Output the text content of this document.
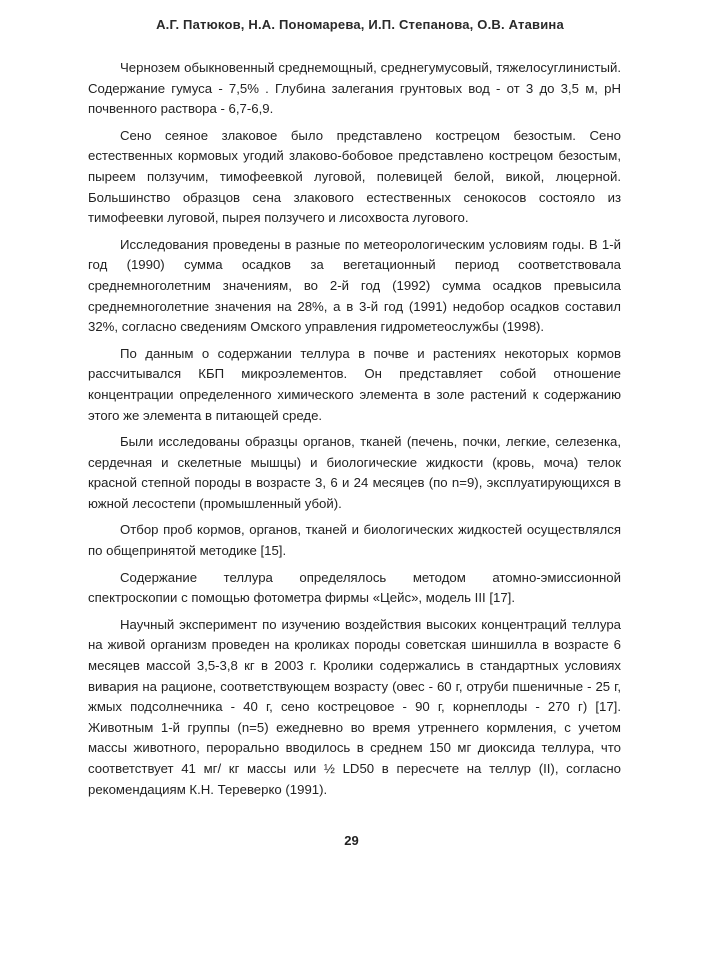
А.Г. Патюков, Н.А. Пономарева, И.П. Степанова, О.В. Атавина

Чернозем обыкновенный среднемощный, среднегумусовый, тяжелосуглинистый. Содержание гумуса - 7,5% . Глубина залегания грунтовых вод - от 3 до 3,5 м, рН почвенного раствора - 6,7-6,9.

Сено сеяное злаковое было представлено кострецом безостым. Сено естественных кормовых угодий злаково-бобовое представлено кострецом безостым, пыреем ползучим, тимофеевкой луговой, полевицей белой, викой, люцерной. Большинство образцов сена злакового естественных сенокосов состояло из тимофеевки луговой, пырея ползучего и лисохвоста лугового.

Исследования проведены в разные по метеорологическим условиям годы. В 1-й год (1990) сумма осадков за вегетационный период соответствовала среднемноголетним значениям, во 2-й год (1992) сумма осадков превысила среднемноголетние значения на 28%, а в 3-й год (1991) недобор осадков составил 32%, согласно сведениям Омского управления гидрометеослужбы (1998).

По данным о содержании теллура в почве и растениях некоторых кормов рассчитывался КБП микроэлементов. Он представляет собой отношение концентрации определенного химического элемента в золе растений к содержанию этого же элемента в питающей среде.

Были исследованы образцы органов, тканей (печень, почки, легкие, селезенка, сердечная и скелетные мышцы) и биологические жидкости (кровь, моча) телок красной степной породы в возрасте 3, 6 и 24 месяцев (по n=9), эксплуатирующихся в южной лесостепи (промышленный убой).

Отбор проб кормов, органов, тканей и биологических жидкостей осуществлялся по общепринятой методике [15].

Содержание теллура определялось методом атомно-эмиссионной спектроскопии с помощью фотометра фирмы «Цейс», модель III [17].

Научный эксперимент по изучению воздействия высоких концентраций теллура на живой организм проведен на кроликах породы советская шиншилла в возрасте 6 месяцев массой 3,5-3,8 кг в 2003 г. Кролики содержались в стандартных условиях вивария на рационе, соответствующем возрасту (овес - 60 г, отруби пшеничные - 25 г, жмых подсолнечника - 40 г, сено кострецовое - 90 г, корнеплоды - 270 г) [17]. Животным 1-й группы (n=5) ежедневно во время утреннего кормления, с учетом массы животного, перорально вводилось в среднем 150 мг диоксида теллура, что соответствует 41 мг/ кг массы или ½ LD50 в пересчете на теллур (II), согласно рекомендациям К.Н. Тереверко (1991).

29
